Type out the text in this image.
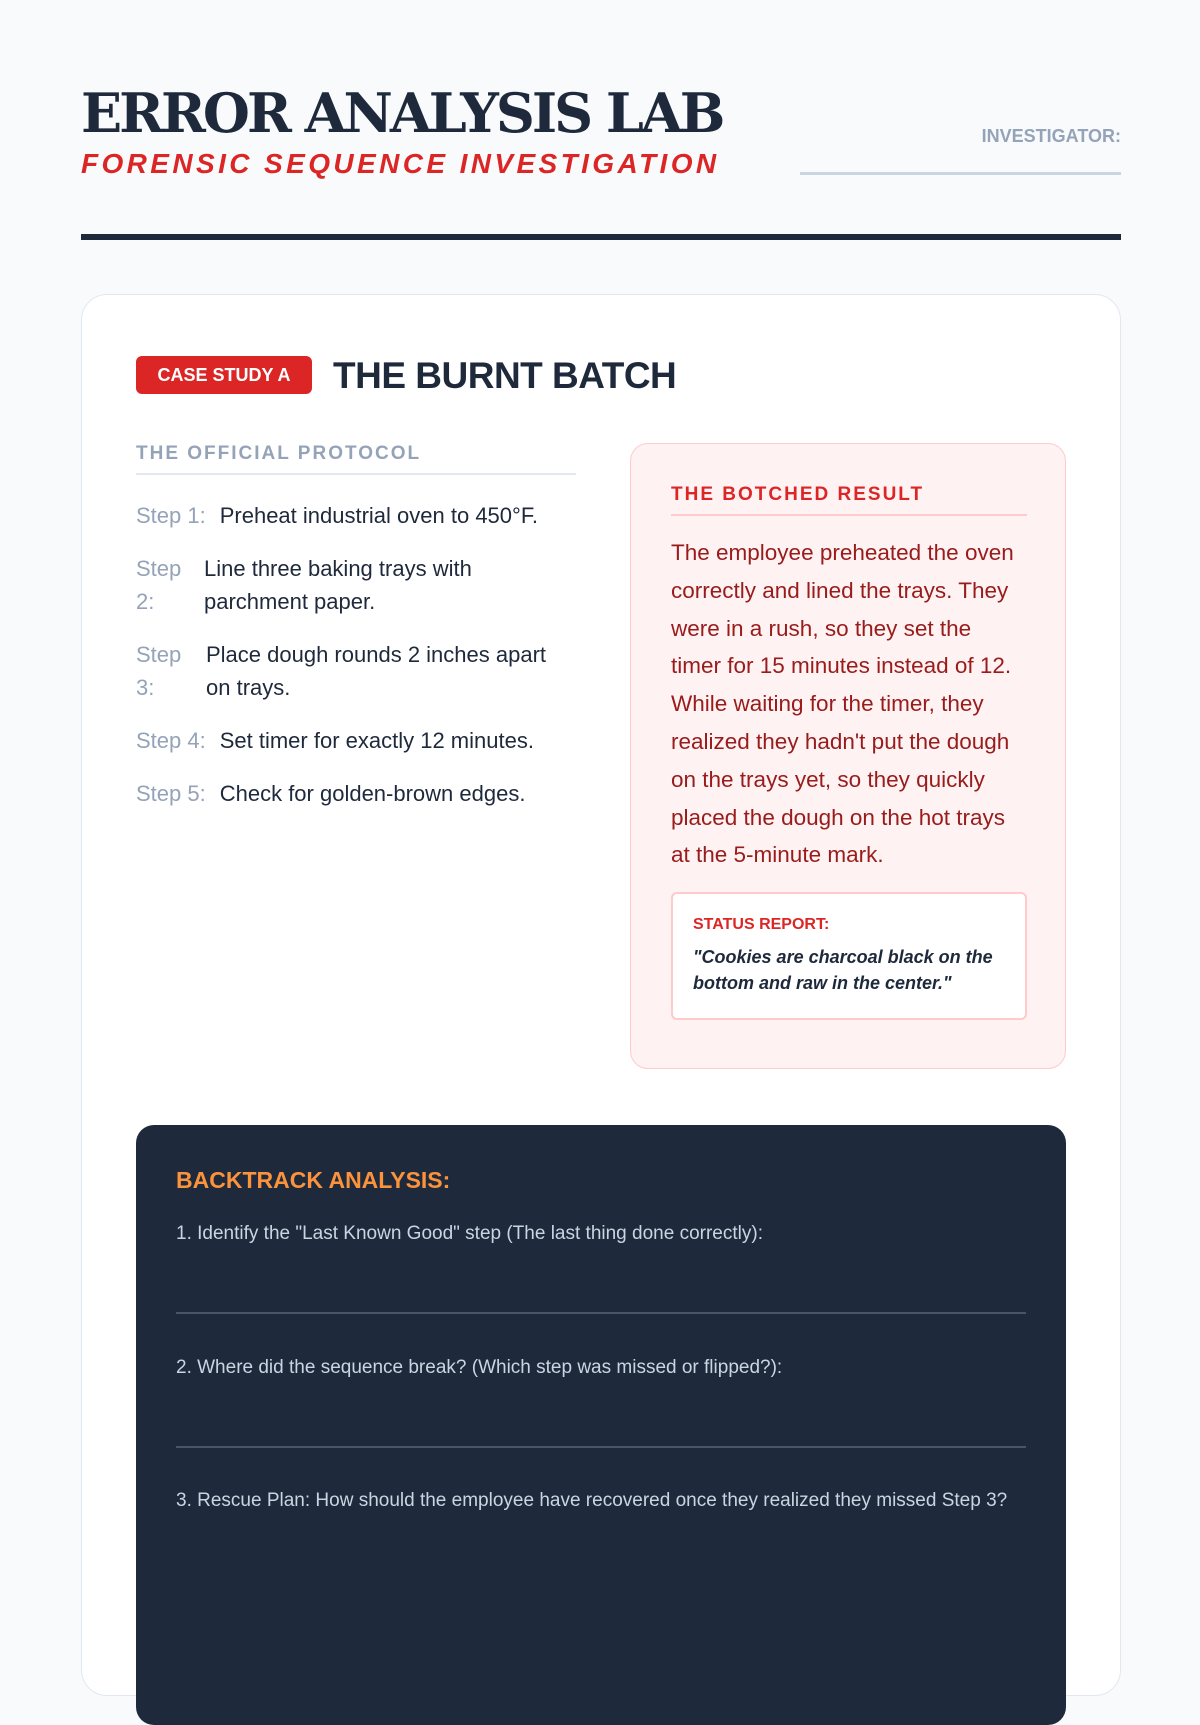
ERROR ANALYSIS LAB
FORENSIC SEQUENCE INVESTIGATION
INVESTIGATOR:
CASE STUDY A	THE BURNT BATCH
THE OFFICIAL PROTOCOL
Step 1: Preheat industrial oven to 450°F.
Step 2:
Line three baking trays with parchment paper.
Step 3:
Place dough rounds 2 inches apart on trays.
Step 4: Set timer for exactly 12 minutes.
Step 5: Check for golden-brown edges.
THE BOTCHED RESULT

The employee preheated the oven correctly and lined the trays. They were in a rush, so they set the timer for 15 minutes instead of 12. While waiting for the timer, they realized they hadn't put the dough on the trays yet, so they quickly placed the dough on the hot trays at the 5-minute mark.

STATUS REPORT:
"Cookies are charcoal black on the bottom and raw in the center."
BACKTRACK ANALYSIS:
1. Identify the "Last Known Good" step (The last thing done correctly):
2. Where did the sequence break? (Which step was missed or flipped?):
3. Rescue Plan: How should the employee have recovered once they realized they missed Step 3?
